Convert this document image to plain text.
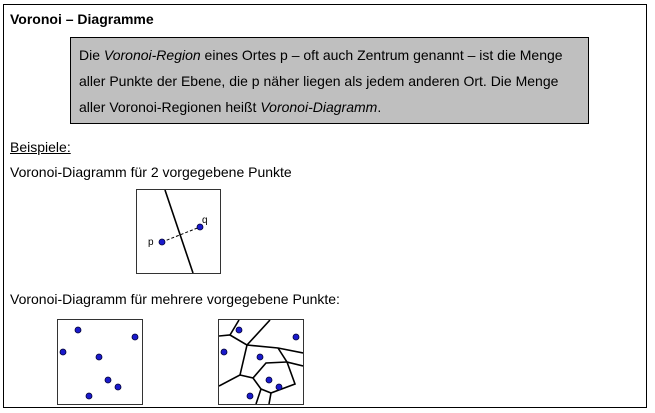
Voronoi – Diagramme
Die Voronoi-Region eines Ortes p – oft auch Zentrum genannt – ist die Menge aller Punkte der Ebene, die p näher liegen als jedem anderen Ort. Die Menge aller Voronoi-Regionen heißt Voronoi-Diagramm.
Beispiele:
Voronoi-Diagramm für 2 vorgegebene Punkte
p
q
Voronoi-Diagramm für mehrere vorgegebene Punkte:
